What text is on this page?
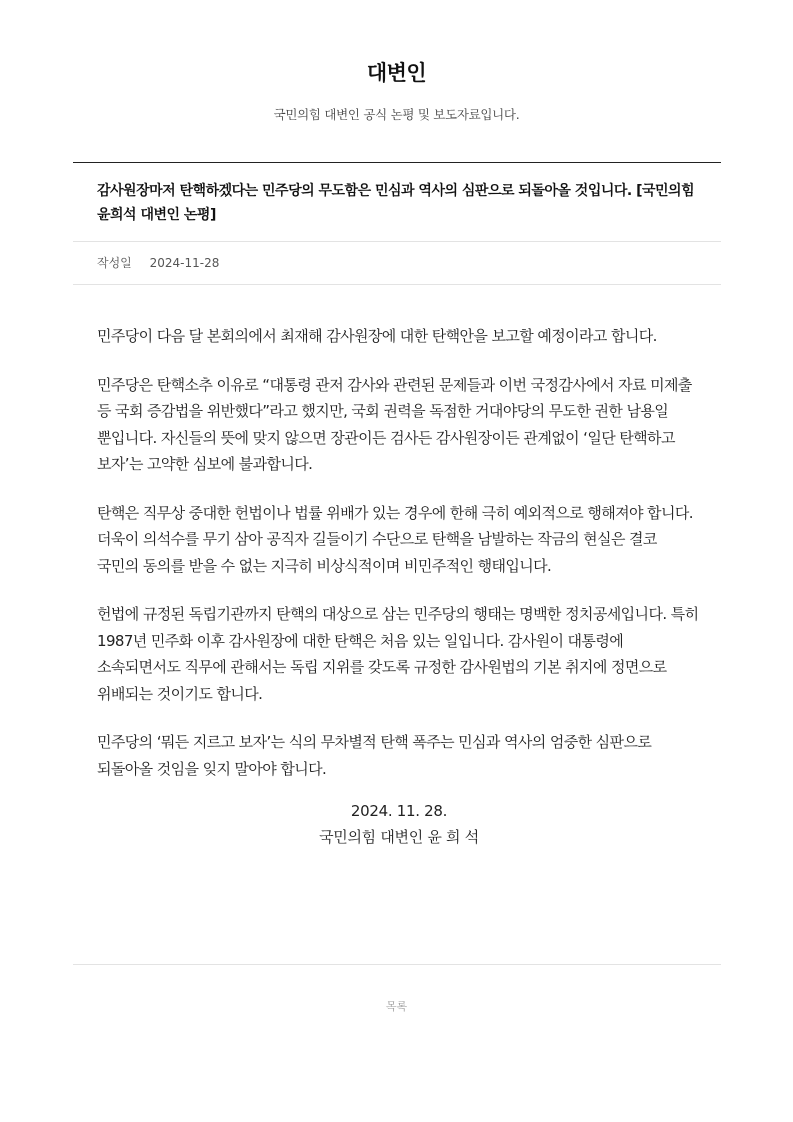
대변인
국민의힘 대변인 공식 논평 및 보도자료입니다.
감사원장마저 탄핵하겠다는 민주당의 무도함은 민심과 역사의 심판으로 되돌아올 것입니다. [국민의힘 윤희석 대변인 논평]
작성일 2024-11-28

민주당이 다음 달 본회의에서 최재해 감사원장에 대한 탄핵안을 보고할 예정이라고 합니다.

민주당은 탄핵소추 이유로 “대통령 관저 감사와 관련된 문제들과 이번 국정감사에서 자료 미제출 등 국회 증감법을 위반했다”라고 했지만, 국회 권력을 독점한 거대야당의 무도한 권한 남용일 뿐입니다. 자신들의 뜻에 맞지 않으면 장관이든 검사든 감사원장이든 관계없이 ‘일단 탄핵하고 보자’는 고약한 심보에 불과합니다.

탄핵은 직무상 중대한 헌법이나 법률 위배가 있는 경우에 한해 극히 예외적으로 행해져야 합니다. 더욱이 의석수를 무기 삼아 공직자 길들이기 수단으로 탄핵을 남발하는 작금의 현실은 결코 국민의 동의를 받을 수 없는 지극히 비상식적이며 비민주적인 행태입니다.

헌법에 규정된 독립기관까지 탄핵의 대상으로 삼는 민주당의 행태는 명백한 정치공세입니다. 특히 1987년 민주화 이후 감사원장에 대한 탄핵은 처음 있는 일입니다. 감사원이 대통령에 소속되면서도 직무에 관해서는 독립 지위를 갖도록 규정한 감사원법의 기본 취지에 정면으로 위배되는 것이기도 합니다.

민주당의 ‘뭐든 지르고 보자’는 식의 무차별적 탄핵 폭주는 민심과 역사의 엄중한 심판으로 되돌아올 것임을 잊지 말아야 합니다.

2024. 11. 28.
국민의힘 대변인 윤 희 석
목록
